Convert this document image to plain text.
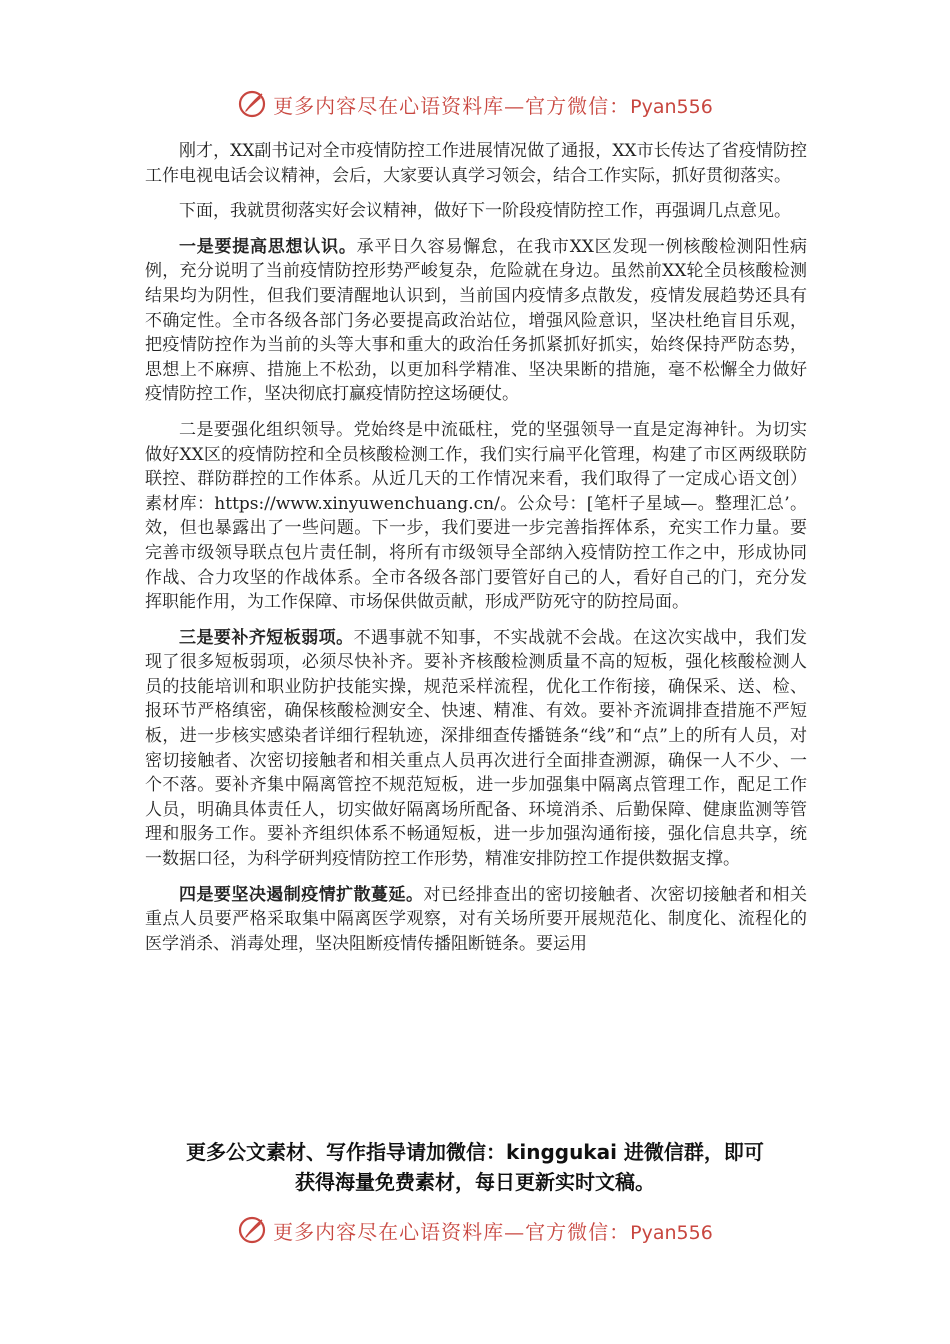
更多内容尽在心语资料库—官方微信：Pyan556

刚才，XX副书记对全市疫情防控工作进展情况做了通报，XX市长传达了省疫情防控工作电视电话会议精神，会后，大家要认真学习领会，结合工作实际，抓好贯彻落实。

下面，我就贯彻落实好会议精神，做好下一阶段疫情防控工作，再强调几点意见。

一是要提高思想认识。承平日久容易懈怠，在我市XX区发现一例核酸检测阳性病例，充分说明了当前疫情防控形势严峻复杂，危险就在身边。虽然前XX轮全员核酸检测结果均为阴性，但我们要清醒地认识到，当前国内疫情多点散发，疫情发展趋势还具有不确定性。全市各级各部门务必要提高政治站位，增强风险意识，坚决杜绝盲目乐观，把疫情防控作为当前的头等大事和重大的政治任务抓紧抓好抓实，始终保持严防态势，思想上不麻痹、措施上不松劲，以更加科学精准、坚决果断的措施，毫不松懈全力做好疫情防控工作，坚决彻底打赢疫情防控这场硬仗。

二是要强化组织领导。党始终是中流砥柱，党的坚强领导一直是定海神针。为切实做好XX区的疫情防控和全员核酸检测工作，我们实行扁平化管理，构建了市区两级联防联控、群防群控的工作体系。从近几天的工作情况来看，我们取得了一定成心语文创）素材库：https://www.xinyuwenchuang.cn/。公众号：[笔杆子星域—。整理汇总’。效，但也暴露出了一些问题。下一步，我们要进一步完善指挥体系，充实工作力量。要完善市级领导联点包片责任制，将所有市级领导全部纳入疫情防控工作之中，形成协同作战、合力攻坚的作战体系。全市各级各部门要管好自己的人，看好自己的门，充分发挥职能作用，为工作保障、市场保供做贡献，形成严防死守的防控局面。

三是要补齐短板弱项。不遇事就不知事，不实战就不会战。在这次实战中，我们发现了很多短板弱项，必须尽快补齐。要补齐核酸检测质量不高的短板，强化核酸检测人员的技能培训和职业防护技能实操，规范采样流程，优化工作衔接，确保采、送、检、报环节严格缜密，确保核酸检测安全、快速、精准、有效。要补齐流调排查措施不严短板，进一步核实感染者详细行程轨迹，深排细查传播链条“线”和“点”上的所有人员，对密切接触者、次密切接触者和相关重点人员再次进行全面排查溯源，确保一人不少、一个不落。要补齐集中隔离管控不规范短板，进一步加强集中隔离点管理工作，配足工作人员，明确具体责任人，切实做好隔离场所配备、环境消杀、后勤保障、健康监测等管理和服务工作。要补齐组织体系不畅通短板，进一步加强沟通衔接，强化信息共享，统一数据口径，为科学研判疫情防控工作形势，精准安排防控工作提供数据支撑。

四是要坚决遏制疫情扩散蔓延。对已经排查出的密切接触者、次密切接触者和相关重点人员要严格采取集中隔离医学观察，对有关场所要开展规范化、制度化、流程化的医学消杀、消毒处理，坚决阻断疫情传播阻断链条。要运用

更多公文素材、写作指导请加微信：kinggukai 进微信群，即可
获得海量免费素材，每日更新实时文稿。
更多内容尽在心语资料库—官方微信：Pyan556
